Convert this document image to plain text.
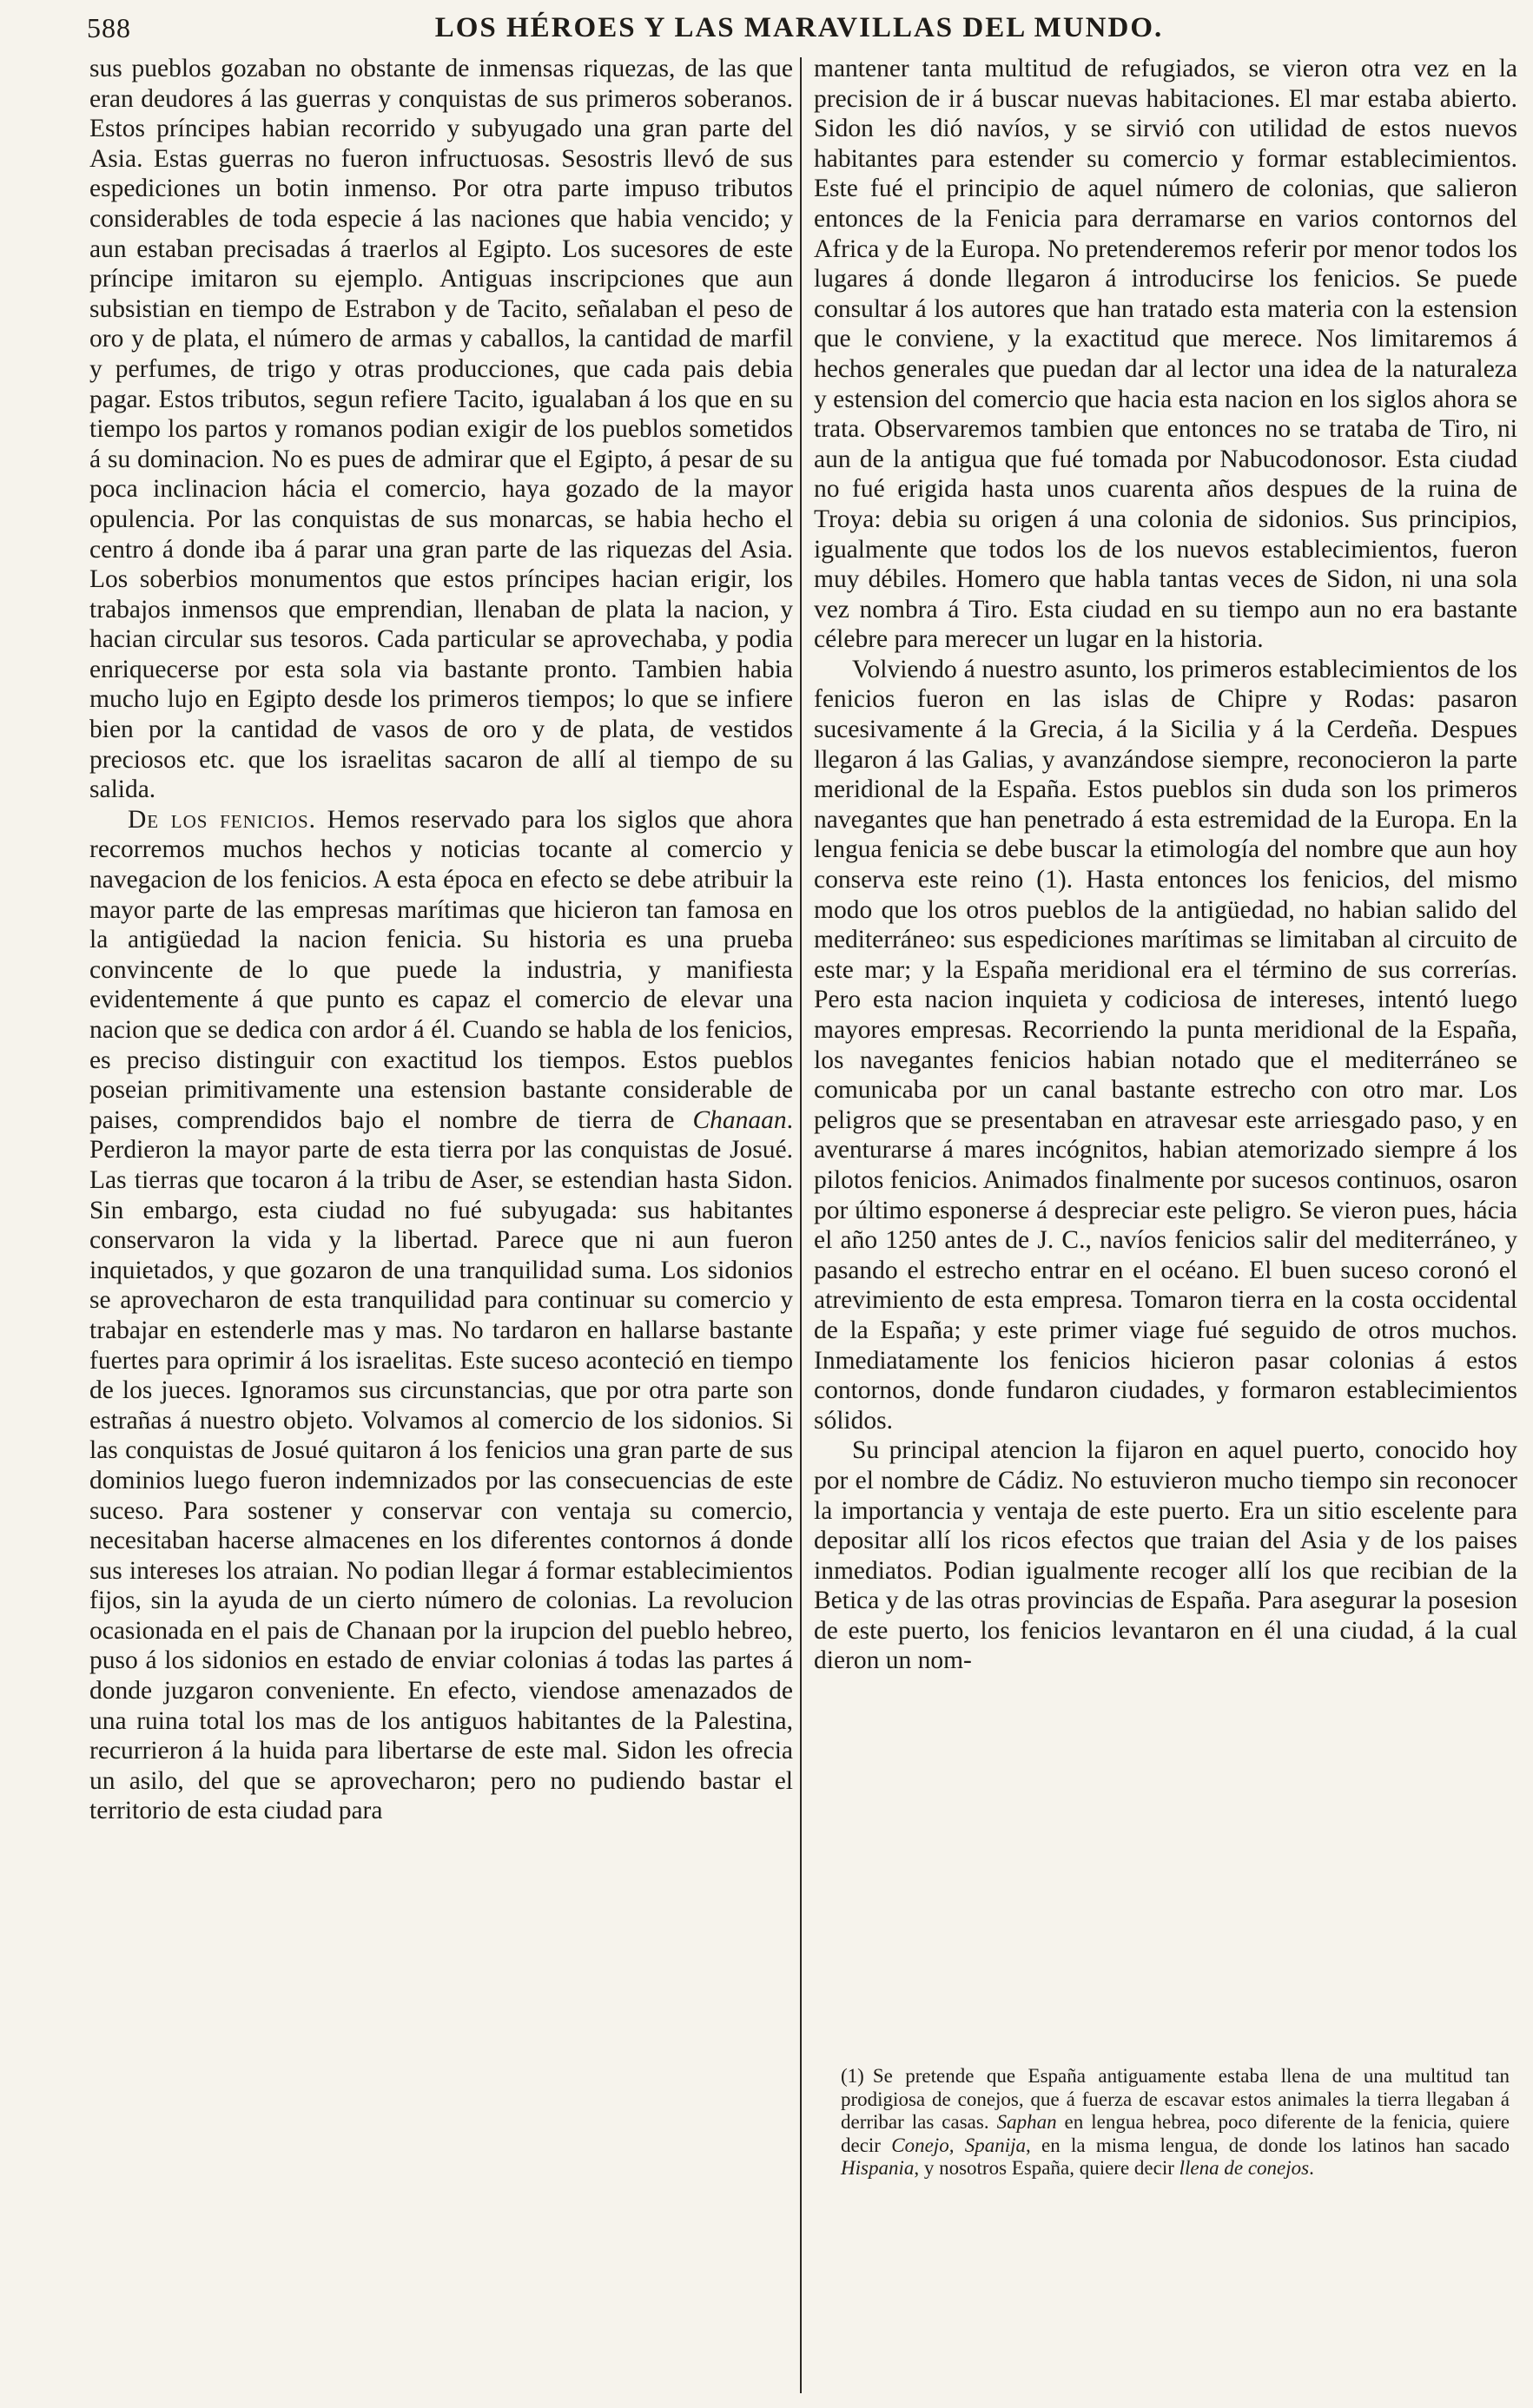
588	LOS HÉROES Y LAS MARAVILLAS DEL MUNDO.

sus pueblos gozaban no obstante de inmensas riquezas, de las que eran deudores á las guerras y conquistas de sus primeros soberanos. Estos príncipes habian recorrido y subyugado una gran parte del Asia. Estas guerras no fueron infructuosas. Sesostris llevó de sus espediciones un botin inmenso. Por otra parte impuso tributos considerables de toda especie á las naciones que habia vencido; y aun estaban precisadas á traerlos al Egipto. Los sucesores de este príncipe imitaron su ejemplo. Antiguas inscripciones que aun subsistian en tiempo de Estrabon y de Tacito, señalaban el peso de oro y de plata, el número de armas y caballos, la cantidad de marfil y perfumes, de trigo y otras producciones, que cada pais debia pagar. Estos tributos, segun refiere Tacito, igualaban á los que en su tiempo los partos y romanos podian exigir de los pueblos sometidos á su dominacion. No es pues de admirar que el Egipto, á pesar de su poca inclinacion hácia el comercio, haya gozado de la mayor opulencia. Por las conquistas de sus monarcas, se habia hecho el centro á donde iba á parar una gran parte de las riquezas del Asia. Los soberbios monumentos que estos príncipes hacian erigir, los trabajos inmensos que emprendian, llenaban de plata la nacion, y hacian circular sus tesoros. Cada particular se aprovechaba, y podia enriquecerse por esta sola via bastante pronto. Tambien habia mucho lujo en Egipto desde los primeros tiempos; lo que se infiere bien por la cantidad de vasos de oro y de plata, de vestidos preciosos etc. que los israelitas sacaron de allí al tiempo de su salida.

De los fenicios. Hemos reservado para los siglos que ahora recorremos muchos hechos y noticias tocante al comercio y navegacion de los fenicios. A esta época en efecto se debe atribuir la mayor parte de las empresas marítimas que hicieron tan famosa en la antigüedad la nacion fenicia. Su historia es una prueba convincente de lo que puede la industria, y manifiesta evidentemente á que punto es capaz el comercio de elevar una nacion que se dedica con ardor á él. Cuando se habla de los fenicios, es preciso distinguir con exactitud los tiempos. Estos pueblos poseian primitivamente una estension bastante considerable de paises, comprendidos bajo el nombre de tierra de Chanaan. Perdieron la mayor parte de esta tierra por las conquistas de Josué. Las tierras que tocaron á la tribu de Aser, se estendian hasta Sidon. Sin embargo, esta ciudad no fué subyugada: sus habitantes conservaron la vida y la libertad. Parece que ni aun fueron inquietados, y que gozaron de una tranquilidad suma. Los sidonios se aprovecharon de esta tranquilidad para continuar su comercio y trabajar en estenderle mas y mas. No tardaron en hallarse bastante fuertes para oprimir á los israelitas. Este suceso aconteció en tiempo de los jueces. Ignoramos sus circunstancias, que por otra parte son estrañas á nuestro objeto. Volvamos al comercio de los sidonios. Si las conquistas de Josué quitaron á los fenicios una gran parte de sus dominios luego fueron indemnizados por las consecuencias de este suceso. Para sostener y conservar con ventaja su comercio, necesitaban hacerse almacenes en los diferentes contornos á donde sus intereses los atraian. No podian llegar á formar establecimientos fijos, sin la ayuda de un cierto número de colonias. La revolucion ocasionada en el pais de Chanaan por la irupcion del pueblo hebreo, puso á los sidonios en estado de enviar colonias á todas las partes á donde juzgaron conveniente. En efecto, viendose amenazados de una ruina total los mas de los antiguos habitantes de la Palestina, recurrieron á la huida para libertarse de este mal. Sidon les ofrecia un asilo, del que se aprovecharon; pero no pudiendo bastar el territorio de esta ciudad para

mantener tanta multitud de refugiados, se vieron otra vez en la precision de ir á buscar nuevas habitaciones. El mar estaba abierto. Sidon les dió navíos, y se sirvió con utilidad de estos nuevos habitantes para estender su comercio y formar establecimientos. Este fué el principio de aquel número de colonias, que salieron entonces de la Fenicia para derramarse en varios contornos del Africa y de la Europa. No pretenderemos referir por menor todos los lugares á donde llegaron á introducirse los fenicios. Se puede consultar á los autores que han tratado esta materia con la estension que le conviene, y la exactitud que merece. Nos limitaremos á hechos generales que puedan dar al lector una idea de la naturaleza y estension del comercio que hacia esta nacion en los siglos ahora se trata. Observaremos tambien que entonces no se trataba de Tiro, ni aun de la antigua que fué tomada por Nabucodonosor. Esta ciudad no fué erigida hasta unos cuarenta años despues de la ruina de Troya: debia su origen á una colonia de sidonios. Sus principios, igualmente que todos los de los nuevos establecimientos, fueron muy débiles. Homero que habla tantas veces de Sidon, ni una sola vez nombra á Tiro. Esta ciudad en su tiempo aun no era bastante célebre para merecer un lugar en la historia.

Volviendo á nuestro asunto, los primeros establecimientos de los fenicios fueron en las islas de Chipre y Rodas: pasaron sucesivamente á la Grecia, á la Sicilia y á la Cerdeña. Despues llegaron á las Galias, y avanzándose siempre, reconocieron la parte meridional de la España. Estos pueblos sin duda son los primeros navegantes que han penetrado á esta estremidad de la Europa. En la lengua fenicia se debe buscar la etimología del nombre que aun hoy conserva este reino (1). Hasta entonces los fenicios, del mismo modo que los otros pueblos de la antigüedad, no habian salido del mediterráneo: sus espediciones marítimas se limitaban al circuito de este mar; y la España meridional era el término de sus correrías. Pero esta nacion inquieta y codiciosa de intereses, intentó luego mayores empresas. Recorriendo la punta meridional de la España, los navegantes fenicios habian notado que el mediterráneo se comunicaba por un canal bastante estrecho con otro mar. Los peligros que se presentaban en atravesar este arriesgado paso, y en aventurarse á mares incógnitos, habian atemorizado siempre á los pilotos fenicios. Animados finalmente por sucesos continuos, osaron por último esponerse á despreciar este peligro. Se vieron pues, hácia el año 1250 antes de J. C., navíos fenicios salir del mediterráneo, y pasando el estrecho entrar en el océano. El buen suceso coronó el atrevimiento de esta empresa. Tomaron tierra en la costa occidental de la España; y este primer viage fué seguido de otros muchos. Inmediatamente los fenicios hicieron pasar colonias á estos contornos, donde fundaron ciudades, y formaron establecimientos sólidos.

Su principal atencion la fijaron en aquel puerto, conocido hoy por el nombre de Cádiz. No estuvieron mucho tiempo sin reconocer la importancia y ventaja de este puerto. Era un sitio escelente para depositar allí los ricos efectos que traian del Asia y de los paises inmediatos. Podian igualmente recoger allí los que recibian de la Betica y de las otras provincias de España. Para asegurar la posesion de este puerto, los fenicios levantaron en él una ciudad, á la cual dieron un nom-

(1) Se pretende que España antiguamente estaba llena de una multitud tan prodigiosa de conejos, que á fuerza de escavar estos animales la tierra llegaban á derribar las casas. Saphan en lengua hebrea, poco diferente de la fenicia, quiere decir Conejo, Spanija, en la misma lengua, de donde los latinos han sacado Hispania, y nosotros España, quiere decir llena de conejos.
